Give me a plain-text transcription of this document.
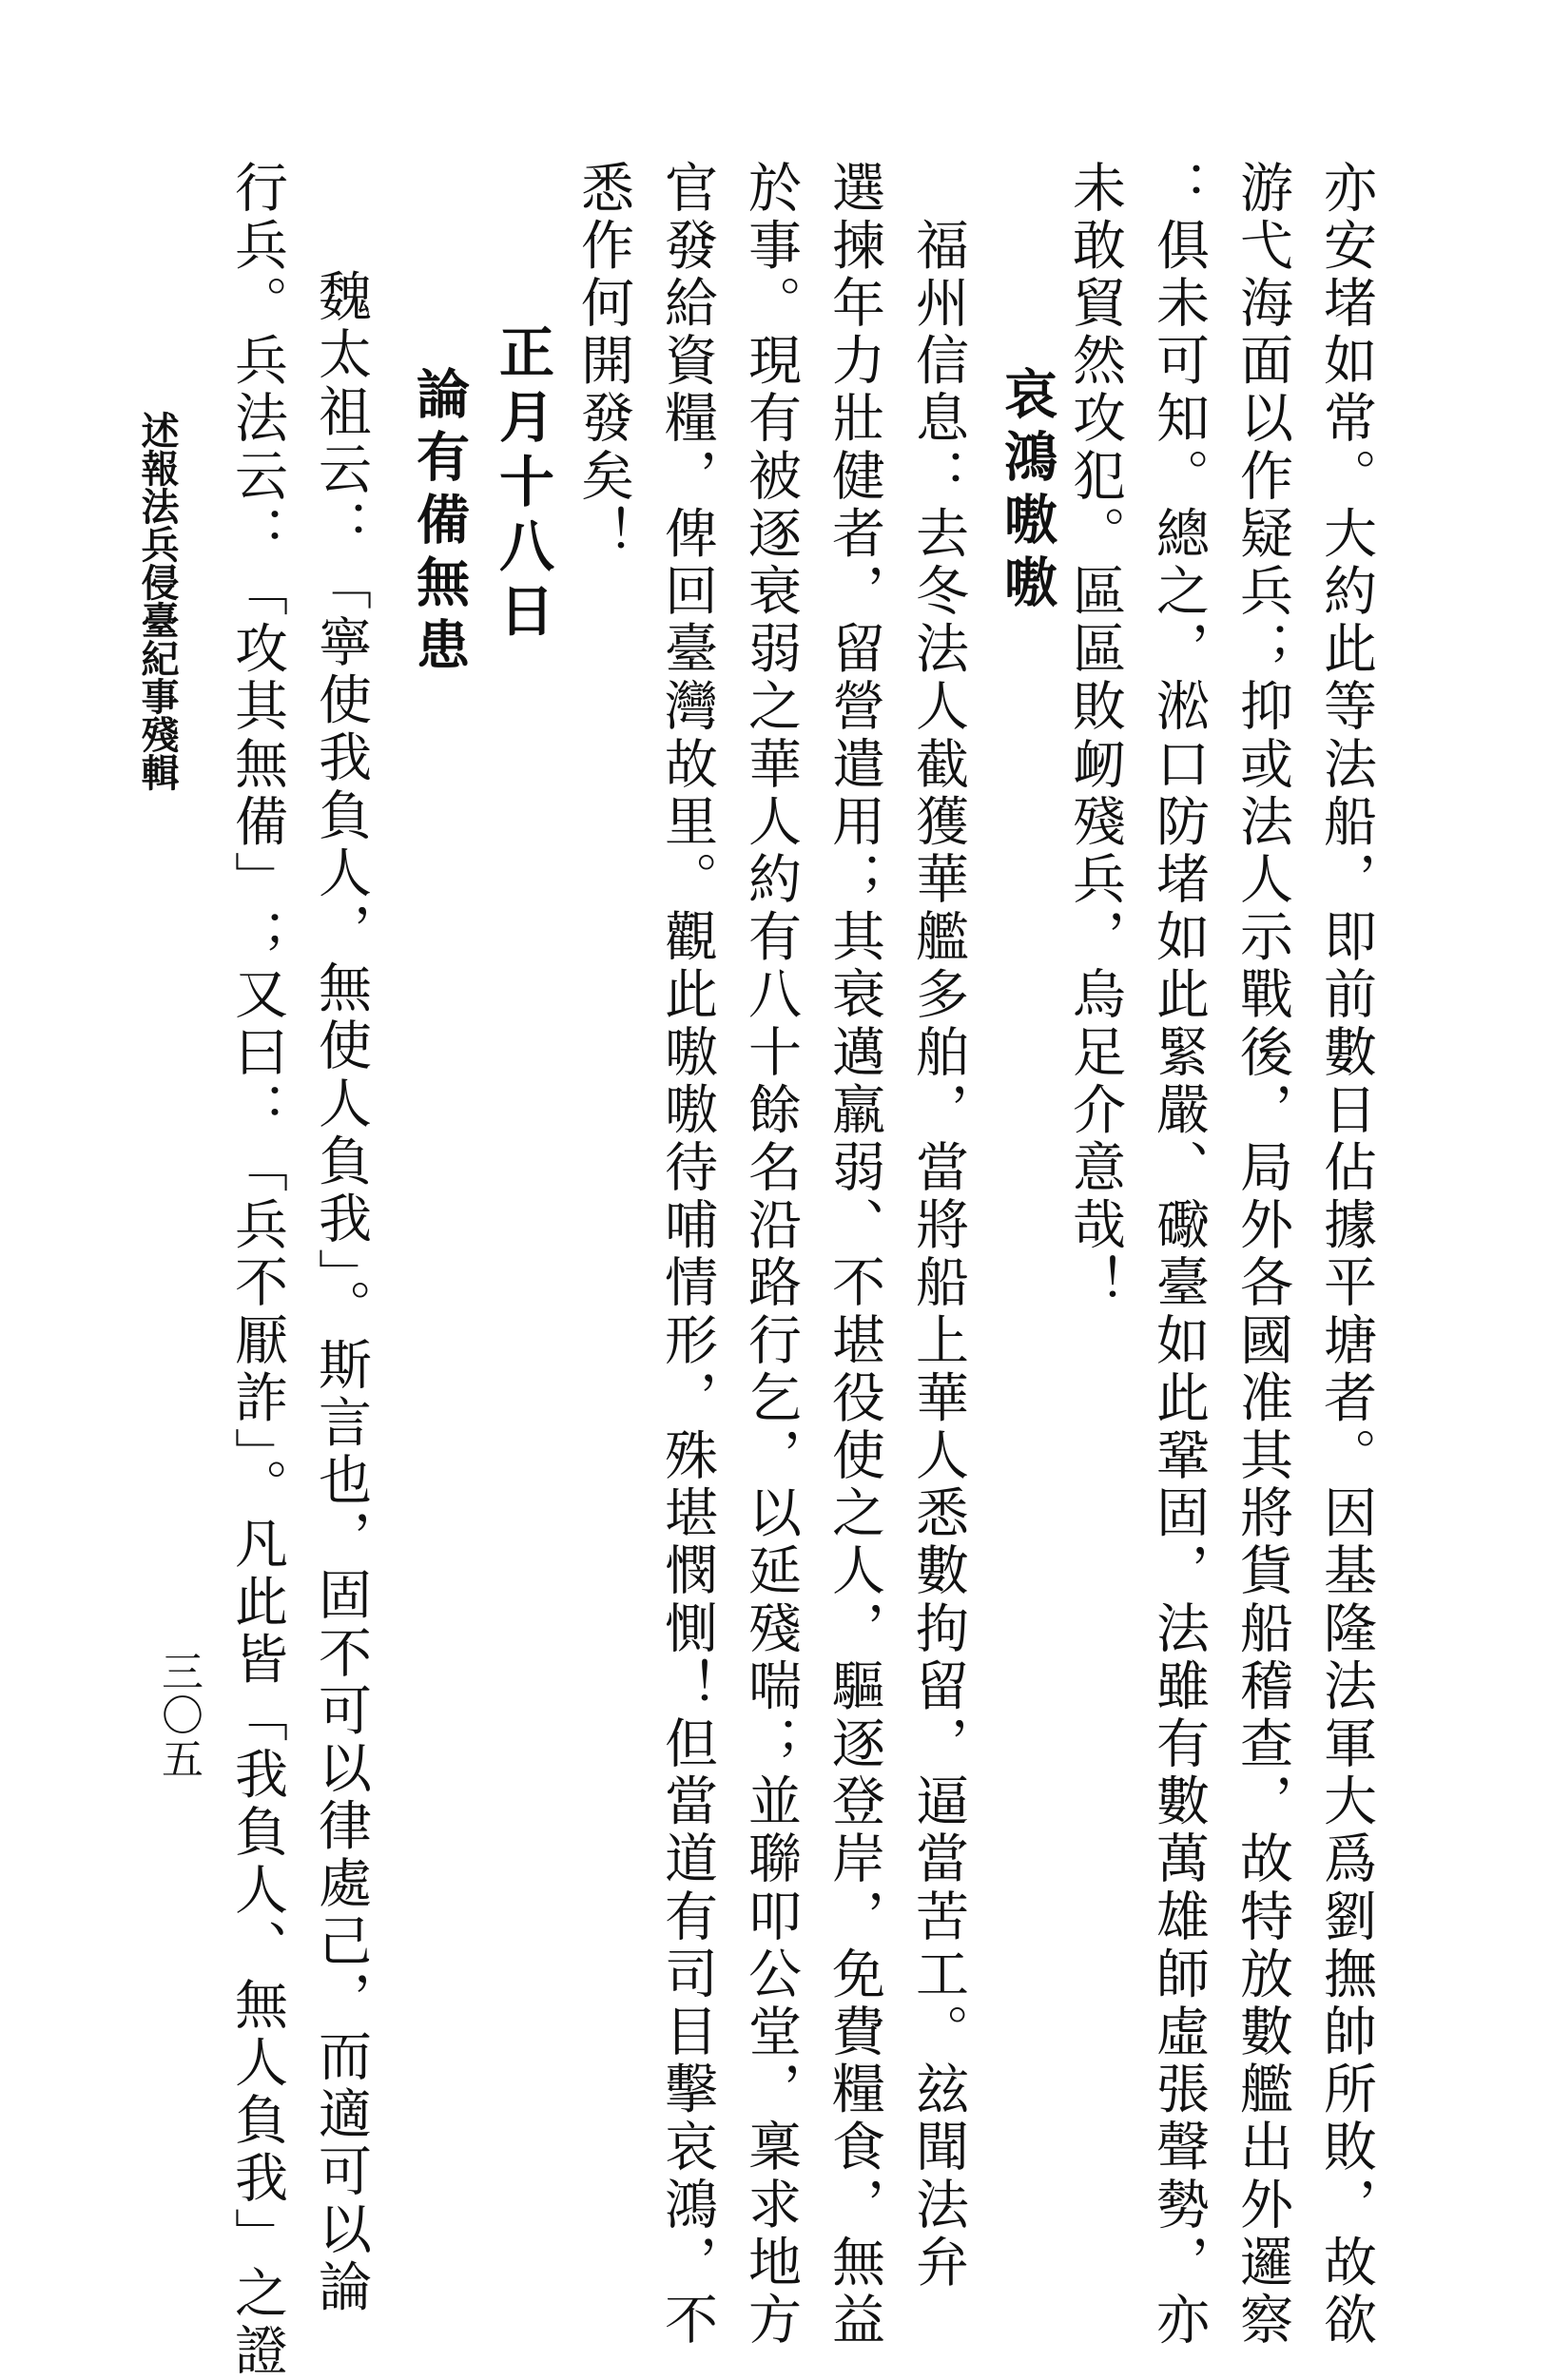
亦安堵如常。大約此等法船，即前數日佔據平塘者。因基隆法軍大爲劉撫帥所敗，故欲
游弋海面以作疑兵；抑或法人示戰後，局外各國准其將貨船稽查，故特放數艦出外邏察
：俱未可知。總之，淞口防堵如此緊嚴、礮臺如此鞏固，法雖有數萬雄師虛張聲勢，亦
未敢貿然攻犯。區區敗衂殘兵，烏足介意哉！
哀鴻嗷嗷
　福州信息：去冬法人截獲華艦多舶，當將船上華人悉數拘留，逼當苦工。玆聞法弁
選揀年力壯健者，留營遣用；其衰邁羸弱、不堪役使之人，驅逐登岸，免費糧食，無益
於事。現有被逐衰弱之華人約有八十餘名沿路行乞，以延殘喘；並聯叩公堂，稟求地方
官發給資糧，俾回臺灣故里。觀此嗷嗷待哺情形，殊堪憫惻！但當道有司目擊哀鴻，不
悉作何開發矣！
正月十八日
論有備無患
　魏太祖云：「寧使我負人，無使人負我」。斯言也，固不可以律處己，而適可以論
行兵。兵法云：「攻其無備」；又曰：「兵不厭詐」。凡此皆「我負人、無人負我」之證
述報法兵侵臺紀事殘輯
三〇五
